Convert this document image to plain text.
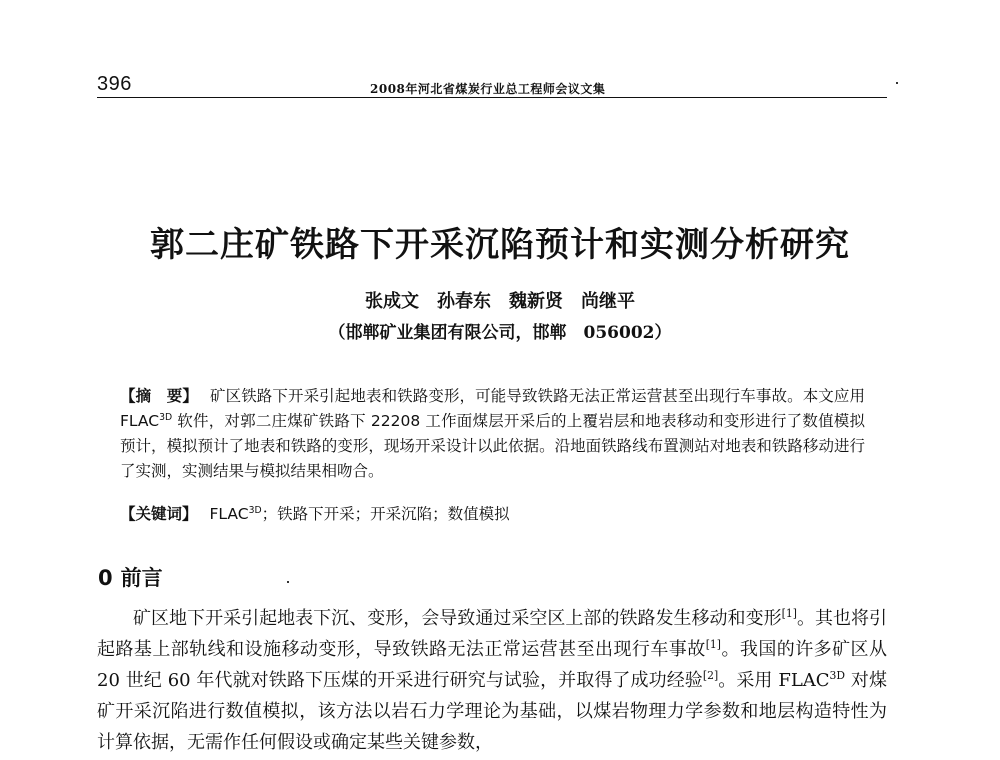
396	2008年河北省煤炭行业总工程师会议文集
郭二庄矿铁路下开采沉陷预计和实测分析研究
张成文　孙春东　魏新贤　尚继平
（邯郸矿业集团有限公司，邯郸　056002）

【摘　要】 矿区铁路下开采引起地表和铁路变形，可能导致铁路无法正常运营甚至出现行车事故。本文应用 $FLAC^{3D}$ 软件，对郭二庄煤矿铁路下 22208 工作面煤层开采后的上覆岩层和地表移动和变形进行了数值模拟预计，模拟预计了地表和铁路的变形，现场开采设计以此依据。沿地面铁路线布置测站对地表和铁路移动进行了实测，实测结果与模拟结果相吻合。

【关键词】 $FLAC^{3D}$；铁路下开采；开采沉陷；数值模拟
0 前言

矿区地下开采引起地表下沉、变形，会导致通过采空区上部的铁路发生移动和变形[1]。其也将引起路基上部轨线和设施移动变形，导致铁路无法正常运营甚至出现行车事故[1]。我国的许多矿区从 20 世纪 60 年代就对铁路下压煤的开采进行研究与试验，并取得了成功经验[2]。采用 $FLAC^{3D}$ 对煤矿开采沉陷进行数值模拟，该方法以岩石力学理论为基础，以煤岩物理力学参数和地层构造特性为计算依据，无需作任何假设或确定某些关键参数，
